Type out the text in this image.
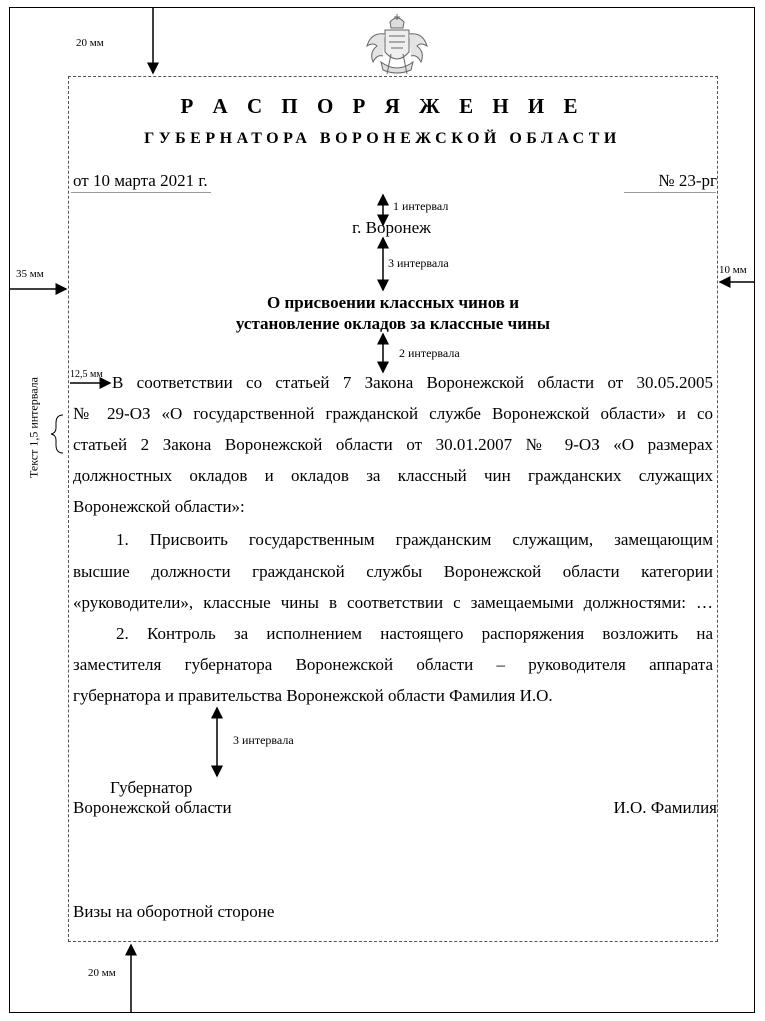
Р А С П О Р Я Ж Е Н И Е
ГУБЕРНАТОРА ВОРОНЕЖСКОЙ ОБЛАСТИ
от 10 марта 2021 г.	№ 23-рг
г. Воронеж
О присвоении классных чинов и
установление окладов за классные чины
В соответствии со статьей 7 Закона Воронежской области от 30.05.2005
№ 29-ОЗ «О государственной гражданской службе Воронежской области» и со
статьей 2 Закона Воронежской области от 30.01.2007 № 9-ОЗ «О размерах
должностных окладов и окладов за классный чин гражданских служащих
Воронежской области»:
1. Присвоить государственным гражданским служащим, замещающим
высшие должности гражданской службы Воронежской области категории
«руководители», классные чины в соответствии с замещаемыми должностями: …
2. Контроль за исполнением настоящего распоряжения возложить на
заместителя губернатора Воронежской области – руководителя аппарата
губернатора и правительства Воронежской области Фамилия И.О.
Губернатор
Воронежской области	И.О. Фамилия
Визы на оборотной стороне
20 мм
20 мм
35 мм	10 мм
12,5 мм
1 интервал
3 интервала
2 интервала
3 интервала
Текст 1,5 интервала
